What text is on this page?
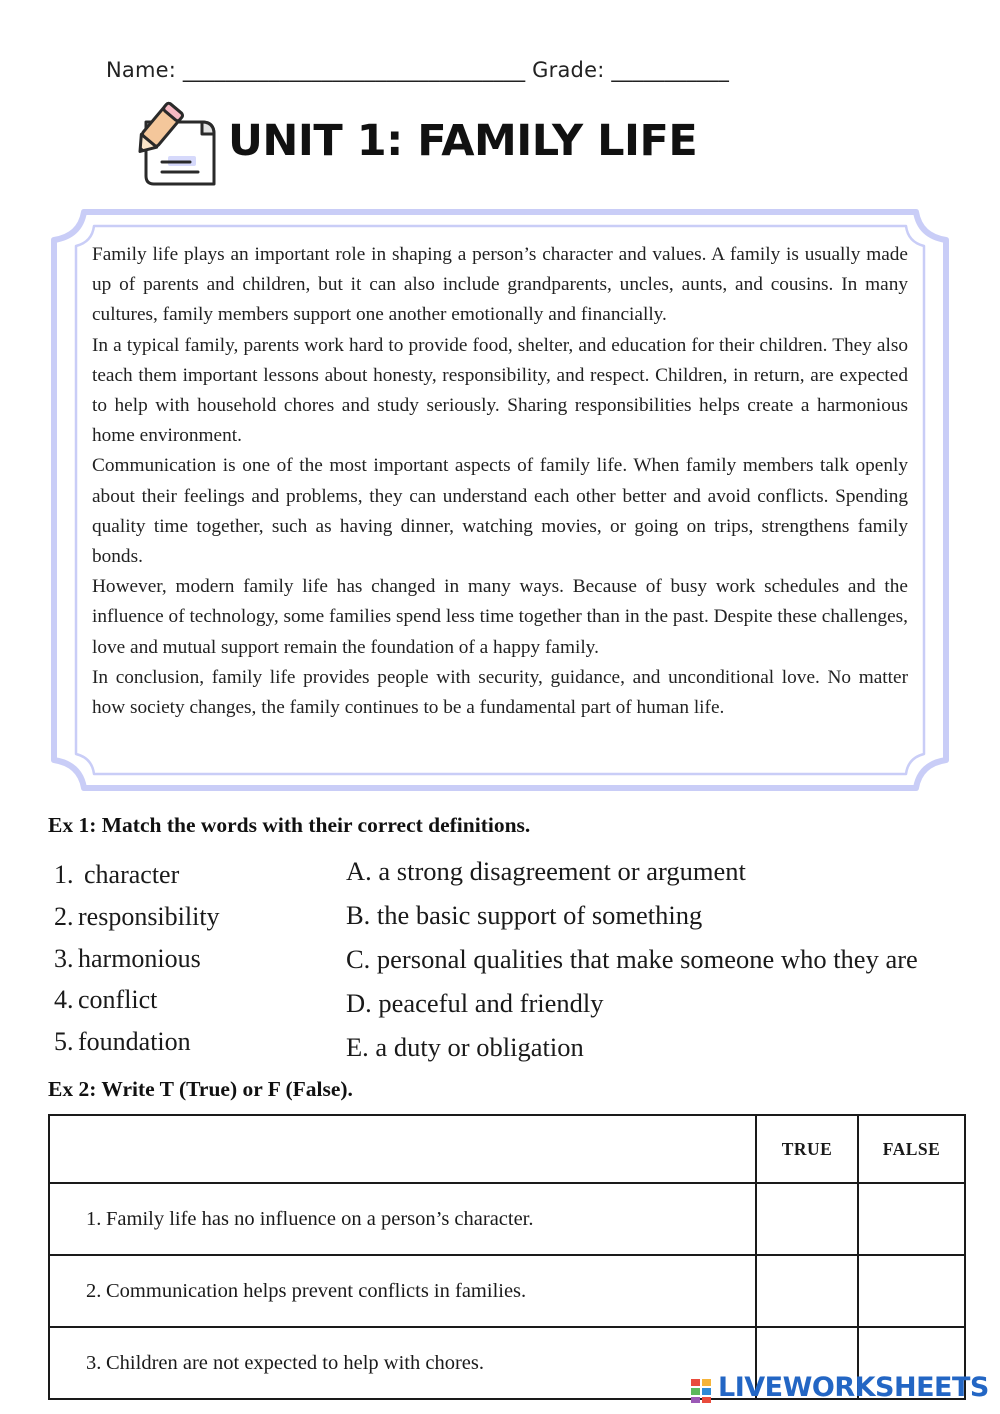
Name: ________________________________ Grade: ___________
UNIT 1: FAMILY LIFE

Family life plays an important role in shaping a person’s character and values. A family is usually made up of parents and children, but it can also include grandparents, uncles, aunts, and cousins. In many cultures, family members support one another emotionally and financially.

In a typical family, parents work hard to provide food, shelter, and education for their children. They also teach them important lessons about honesty, responsibility, and respect. Children, in return, are expected to help with household chores and study seriously. Sharing responsibilities helps create a harmonious home environment.

Communication is one of the most important aspects of family life. When family members talk openly about their feelings and problems, they can understand each other better and avoid conflicts. Spending quality time together, such as having dinner, watching movies, or going on trips, strengthens family bonds.

However, modern family life has changed in many ways. Because of busy work schedules and the influence of technology, some families spend less time together than in the past. Despite these challenges, love and mutual support remain the foundation of a happy family.

In conclusion, family life provides people with security, guidance, and unconditional love. No matter how society changes, the family continues to be a fundamental part of human life.

Ex 1: Match the words with their correct definitions.
1. character
2. responsibility
3. harmonious
4. conflict
5. foundation
A. a strong disagreement or argument
B. the basic support of something
C. personal qualities that make someone who they are
D. peaceful and friendly
E. a duty or obligation
Ex 2: Write T (True) or F (False).
	TRUE	FALSE
1. Family life has no influence on a person’s character.		
2. Communication helps prevent conflicts in families.		
3. Children are not expected to help with chores.		
LIVEWORKSHEETS
